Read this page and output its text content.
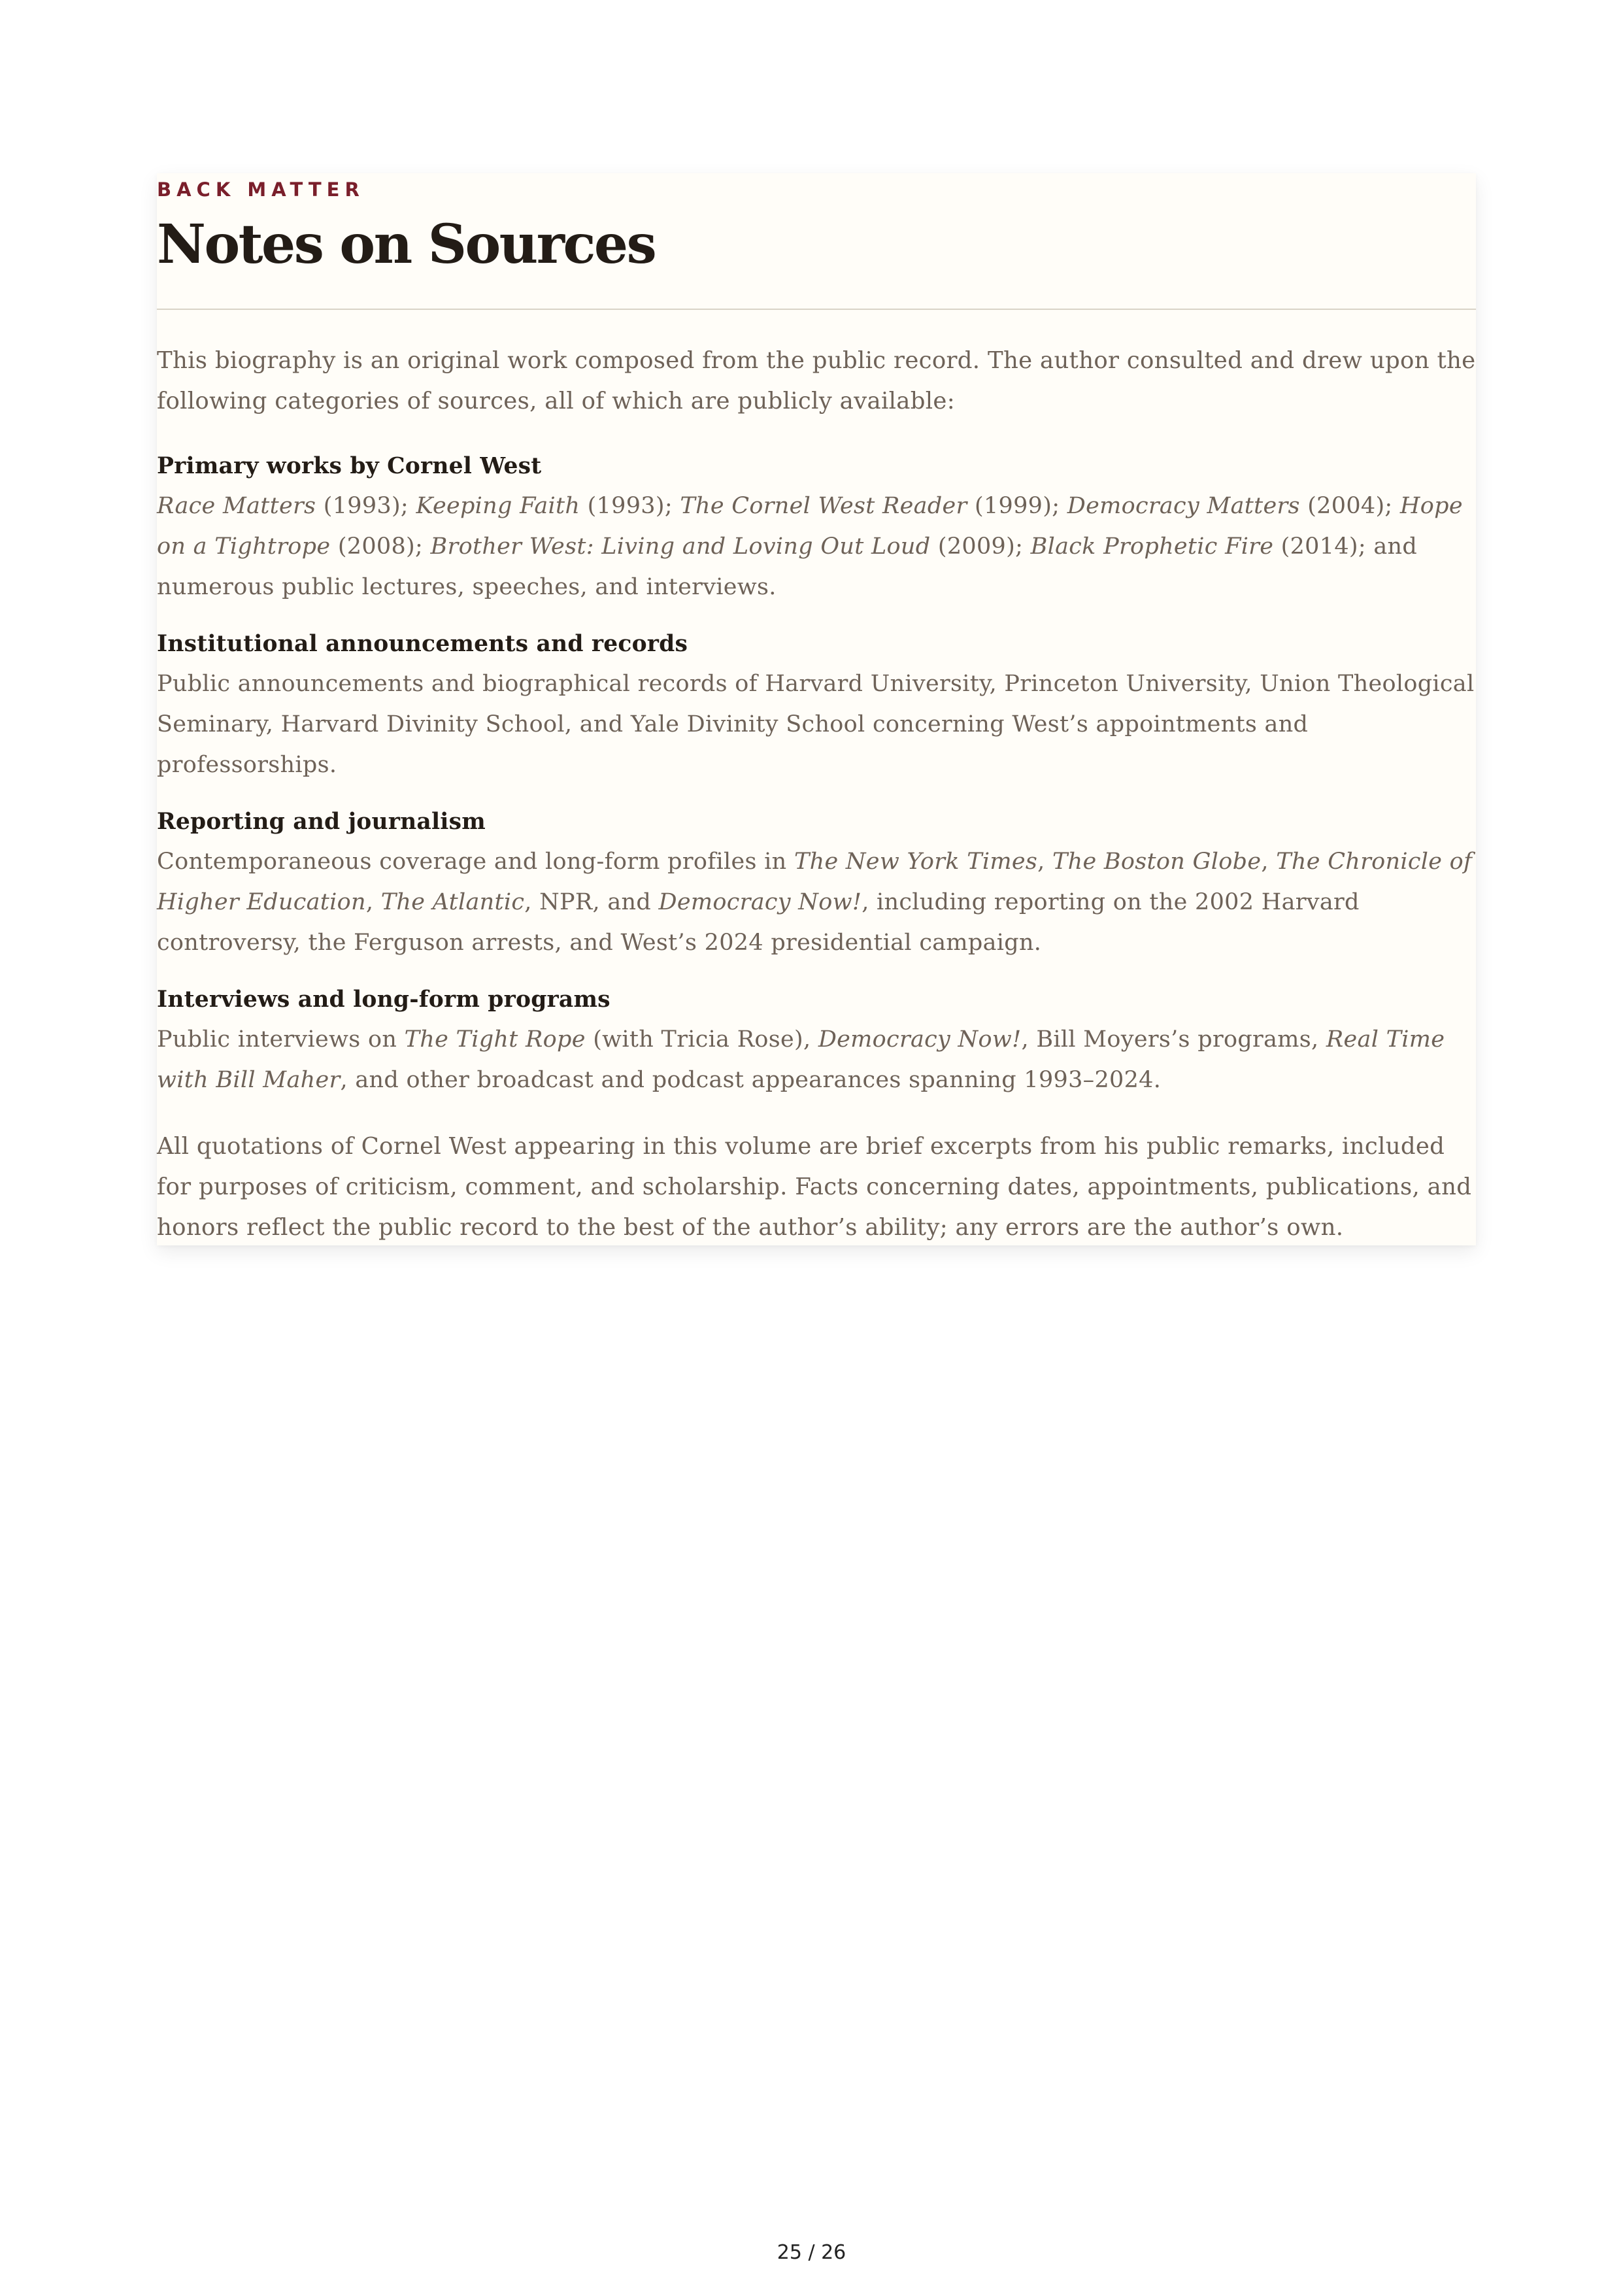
BACK MATTER
Notes on Sources

This biography is an original work composed from the public record. The author consulted and drew upon the following categories of sources, all of which are publicly available:

Primary works by Cornel West

Race Matters (1993); Keeping Faith (1993); The Cornel West Reader (1999); Democracy Matters (2004); Hope on a Tightrope (2008); Brother West: Living and Loving Out Loud (2009); Black Prophetic Fire (2014); and numerous public lectures, speeches, and interviews.

Institutional announcements and records

Public announcements and biographical records of Harvard University, Princeton University, Union Theological Seminary, Harvard Divinity School, and Yale Divinity School concerning West’s appointments and professorships.

Reporting and journalism

Contemporaneous coverage and long-form profiles in The New York Times, The Boston Globe, The Chronicle of Higher Education, The Atlantic, NPR, and Democracy Now!, including reporting on the 2002 Harvard controversy, the Ferguson arrests, and West’s 2024 presidential campaign.

Interviews and long-form programs

Public interviews on The Tight Rope (with Tricia Rose), Democracy Now!, Bill Moyers’s programs, Real Time with Bill Maher, and other broadcast and podcast appearances spanning 1993–2024.

All quotations of Cornel West appearing in this volume are brief excerpts from his public remarks, included for purposes of criticism, comment, and scholarship. Facts concerning dates, appointments, publications, and honors reflect the public record to the best of the author’s ability; any errors are the author’s own.

25 / 26
